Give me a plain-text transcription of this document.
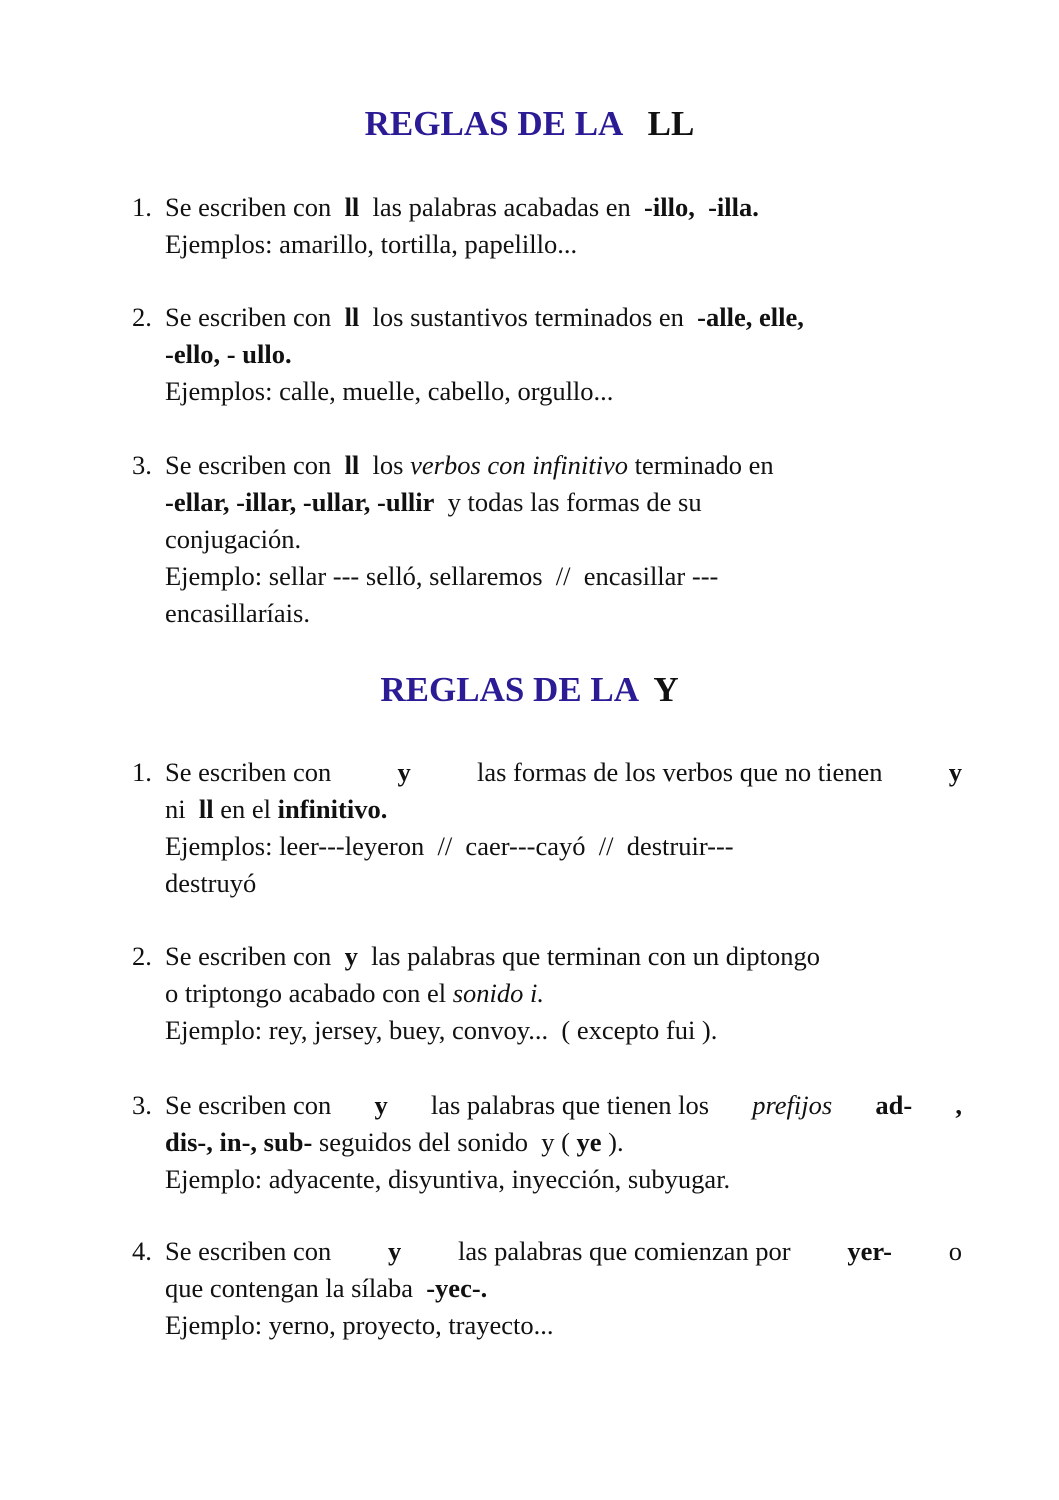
REGLAS DE LA LL
1. Se escriben con ll las palabras acabadas en -illo,  -illa.
Ejemplos: amarillo, tortilla, papelillo...
2. Se escriben con ll los sustantivos terminados en -alle, elle,
-ello, - ullo.
Ejemplos: calle, muelle, cabello, orgullo...
3. Se escriben con ll los verbos con infinitivo terminado en
-ellar, -illar, -ullar, -ullir y todas las formas de su
conjugación.
Ejemplo: sellar --- selló, sellaremos  //  encasillar ---
encasillaríais.
REGLAS DE LA Y
1. Se escriben con y las formas de los verbos que no tienen y
ni ll en el infinitivo.
Ejemplos: leer---leyeron  //  caer---cayó  //  destruir---
destruyó
2. Se escriben con y las palabras que terminan con un diptongo
o triptongo acabado con el sonido i.
Ejemplo: rey, jersey, buey, convoy...  ( excepto fui ).
3. Se escriben con y las palabras que tienen los prefijos ad- ,
dis-, in-, sub- seguidos del sonido  y ( ye ).
Ejemplo: adyacente, disyuntiva, inyección, subyugar.
4. Se escriben con y las palabras que comienzan por yer- o
que contengan la sílaba -yec-.
Ejemplo: yerno, proyecto, trayecto...
